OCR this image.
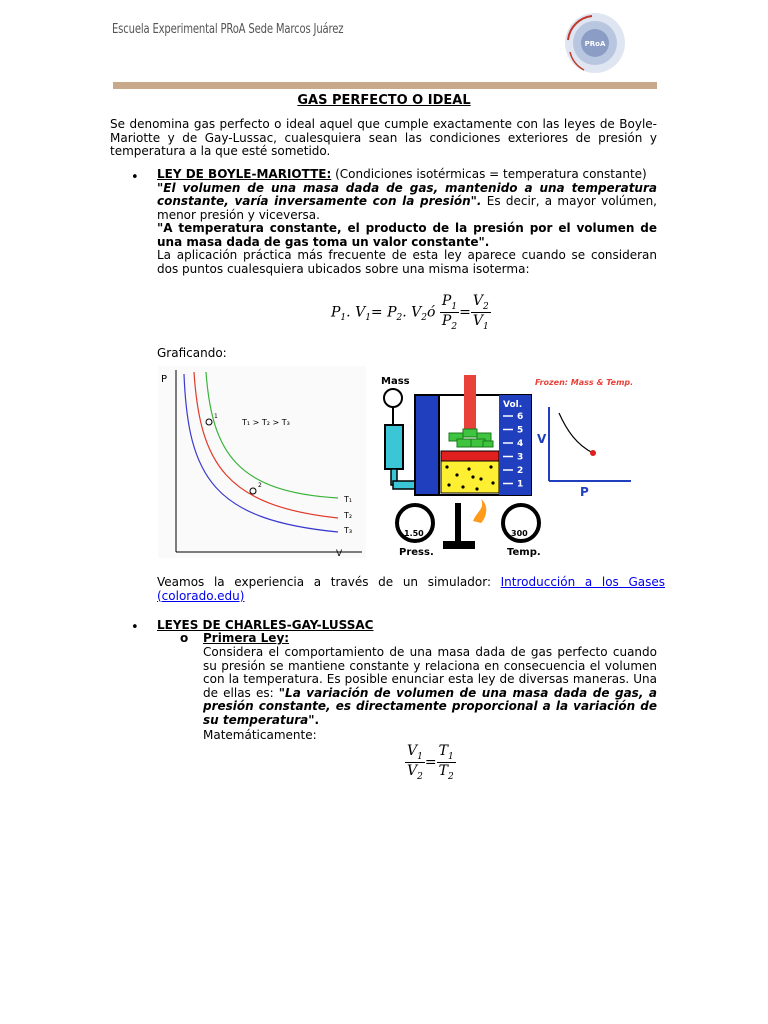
Escuela Experimental PRoA Sede Marcos Juárez
PRoA
GAS PERFECTO O IDEAL
Se denomina gas perfecto o ideal aquel que cumple exactamente con las leyes de Boyle-Mariotte y de Gay-Lussac, cualesquiera sean las condiciones exteriores de presión y temperatura a la que esté sometido.
• LEY DE BOYLE-MARIOTTE: (Condiciones isotérmicas = temperatura constante)
"El volumen de una masa dada de gas, mantenido a una temperatura constante, varía inversamente con la presión". Es decir, a mayor volúmen, menor presión y viceversa.
"A temperatura constante, el producto de la presión por el volumen de una masa dada de gas toma un valor constante".
La aplicación práctica más frecuente de esta ley aparece cuando se consideran dos puntos cualesquiera ubicados sobre una misma isoterma:
$P_1$. $V_1= P_2$. $V_2ó \frac{P_1}{P_2} = \frac{V_2}{V_1}$
Graficando:
P
V
1
2
T₁ > T₂ > T₃
T₁
T₂
T₃
Mass
Vol.
6
5
4
3
2
1
1.50
Press.
300
Temp.
Frozen: Mass & Temp.
V
P
Veamos la experiencia a través de un simulador: Introducción a los Gases (colorado.edu)
• LEYES DE CHARLES-GAY-LUSSAC
o Primera Ley:
Considera el comportamiento de una masa dada de gas perfecto cuando su presión se mantiene constante y relaciona en consecuencia el volumen con la temperatura. Es posible enunciar esta ley de diversas maneras. Una de ellas es: "La variación de volumen de una masa dada de gas, a presión constante, es directamente proporcional a la variación de su temperatura".
Matemáticamente:
$\frac{V_1}{V_2} = \frac{T_1}{T_2}$
